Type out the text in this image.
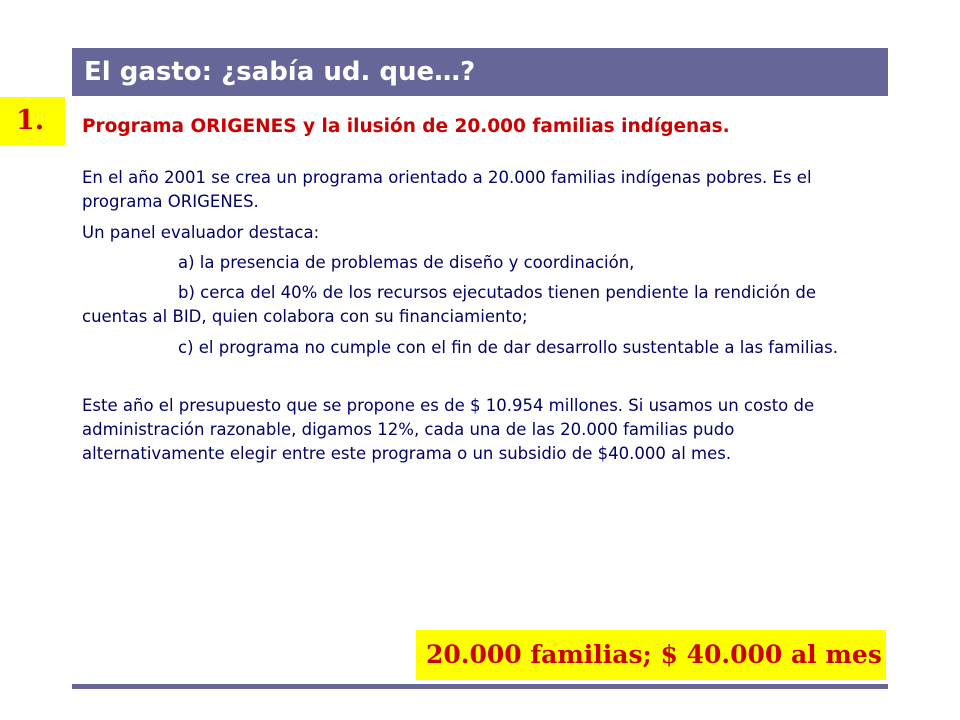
El gasto: ¿sabía ud. que…?
1. Programa ORIGENES y la ilusión de 20.000 familias indígenas.

En el año 2001 se crea un programa orientado a 20.000 familias indígenas pobres. Es el programa ORIGENES.

Un panel evaluador destaca:

a) la presencia de problemas de diseño y coordinación,

b) cerca del 40% de los recursos ejecutados tienen pendiente la rendición de cuentas al BID, quien colabora con su financiamiento;

c) el programa no cumple con el fin de dar desarrollo sustentable a las familias.

Este año el presupuesto que se propone es de $ 10.954 millones. Si usamos un costo de administración razonable, digamos 12%, cada una de las 20.000 familias pudo alternativamente elegir entre este programa o un subsidio de $40.000 al mes.

20.000 familias; $ 40.000 al mes
